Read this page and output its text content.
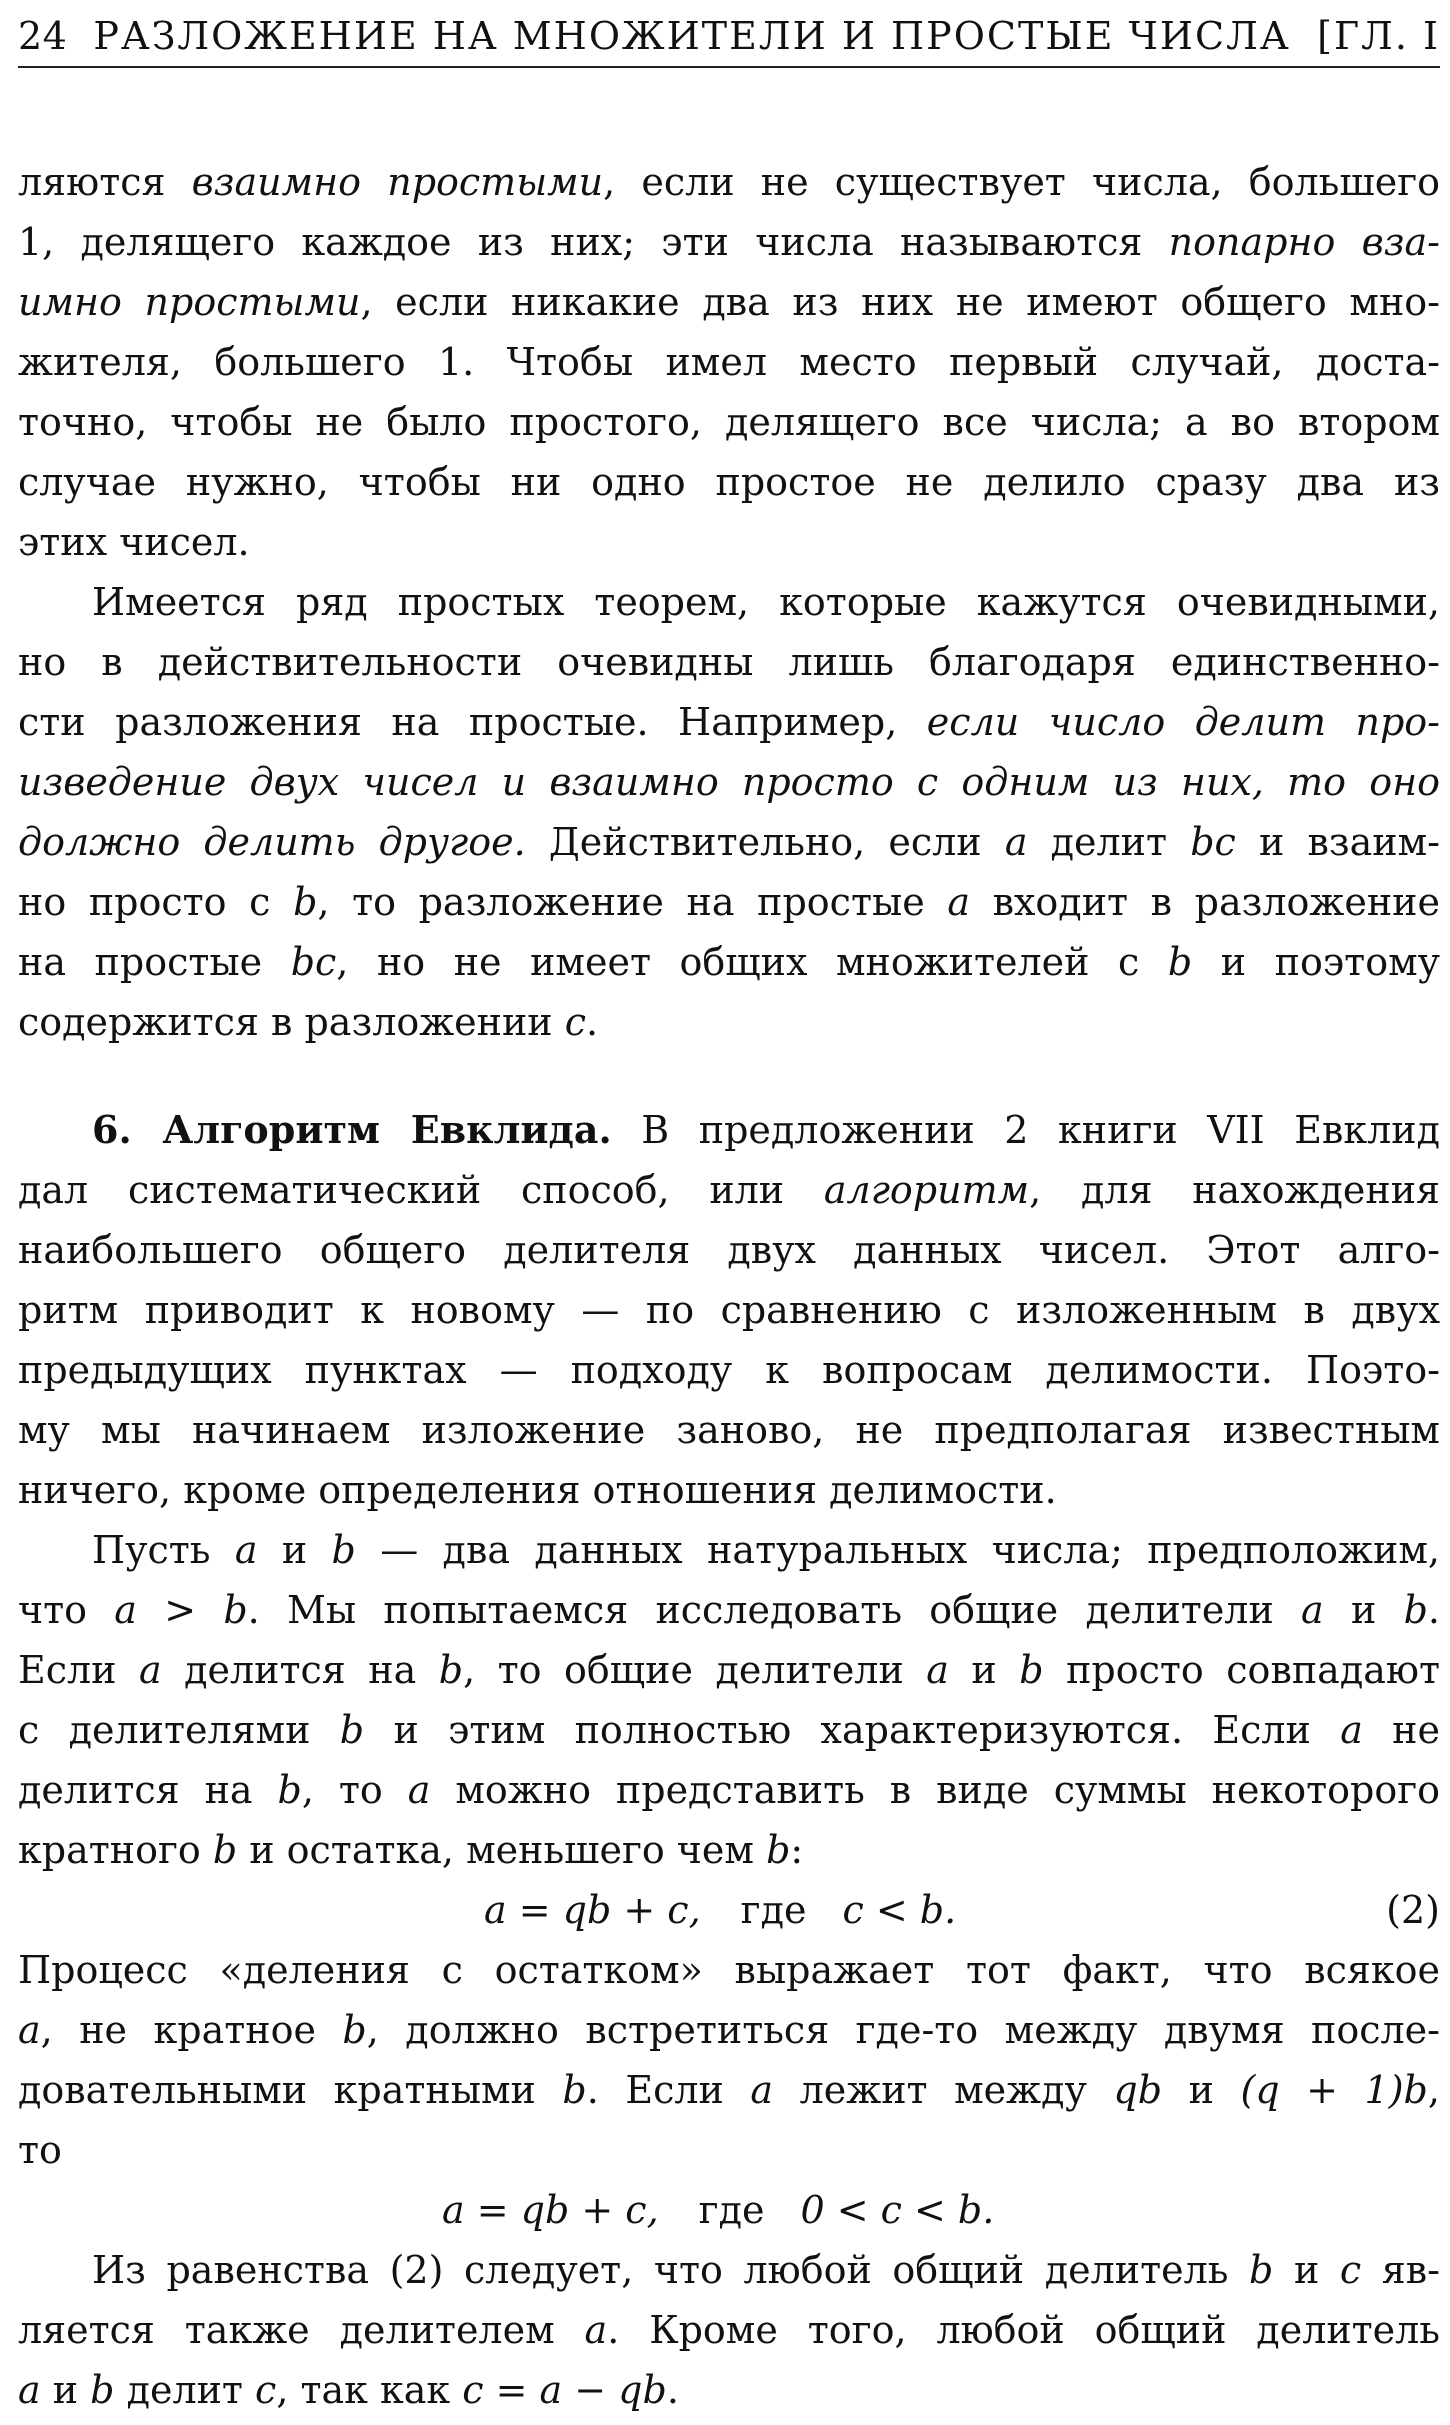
24 РАЗЛОЖЕНИЕ НА МНОЖИТЕЛИ И ПРОСТЫЕ ЧИСЛА [ГЛ. I
ляются взаимно простыми, если не существует числа, большего
1, делящего каждое из них; эти числа называются попарно вза-
имно простыми, если никакие два из них не имеют общего мно-
жителя, большего 1. Чтобы имел место первый случай, доста-
точно, чтобы не было простого, делящего все числа; а во втором
случае нужно, чтобы ни одно простое не делило сразу два из
этих чисел.
Имеется ряд простых теорем, которые кажутся очевидными,
но в действительности очевидны лишь благодаря единственно-
сти разложения на простые. Например, если число делит про-
изведение двух чисел и взаимно просто с одним из них, то оно
должно делить другое. Действительно, если a делит bc и взаим-
но просто с b, то разложение на простые a входит в разложение
на простые bc, но не имеет общих множителей с b и поэтому
содержится в разложении c.
6. Алгоритм Евклида. В предложении 2 книги VII Евклид
дал систематический способ, или алгоритм, для нахождения
наибольшего общего делителя двух данных чисел. Этот алго-
ритм приводит к новому — по сравнению с изложенным в двух
предыдущих пунктах — подходу к вопросам делимости. Поэто-
му мы начинаем изложение заново, не предполагая известным
ничего, кроме определения отношения делимости.
Пусть a и b — два данных натуральных числа; предположим,
что a > b. Мы попытаемся исследовать общие делители a и b.
Если a делится на b, то общие делители a и b просто совпадают
с делителями b и этим полностью характеризуются. Если a не
делится на b, то a можно представить в виде суммы некоторого
кратного b и остатка, меньшего чем b:
a = qb + c, где c < b.	(2)
Процесс «деления с остатком» выражает тот факт, что всякое
a, не кратное b, должно встретиться где-то между двумя после-
довательными кратными b. Если a лежит между qb и (q + 1)b,
то
a = qb + c, где 0 < c < b.
Из равенства (2) следует, что любой общий делитель b и c яв-
ляется также делителем a. Кроме того, любой общий делитель
a и b делит c, так как c = a − qb.
